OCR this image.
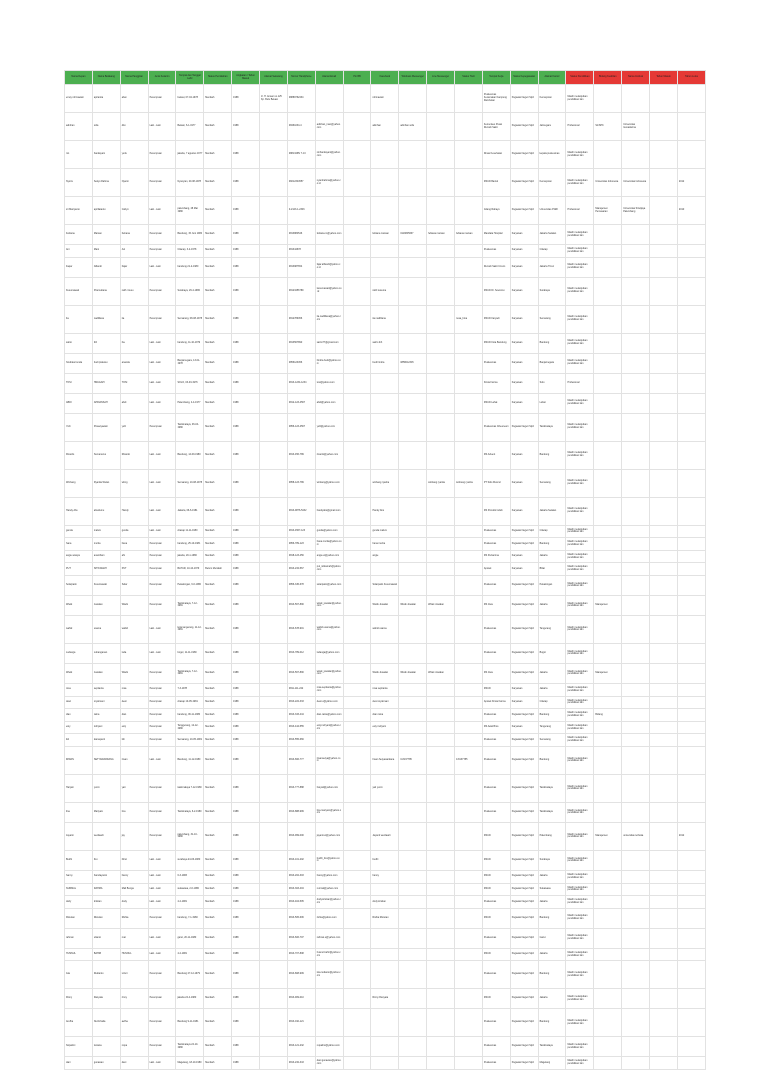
Nama Depan	Nama Belakang	Nama Panggilan	Jenis Kelamin	Tempat dan Tanggal Lahir	Status Pernikahan	Angkatan / Tahun Masuk	Alamat Sekarang	Nomor Handphone	Alamat Email	Pin BB	Facebook	Windows Messenger	Line Messenger	Status Twitt	Tempat Kerja	Status Kepegawaian	Alamat Kantor	Status Pendidikan	Bidang Keahlian	Nama Institusi	Tahun Masuk	Tahun Lulus
emoy rohmawati	aprianita	abat	Perempuan	bekasi, 07-04-1978	Menikah	1988	Jl. H. Anwar no.125 Kp. Bulu Bekasi	08889762434			rohmawati				Puskesmas Kecamatan Kampung Rambutan	Pegawai Negeri Sipil	Kemayoran	Masih melanjutkan pendidikan lain				
adinhan	sofa	dito	Laki - Laki	Bekasi, 6-1-1977	Menikah	1988		08461034-4	adinhan_inan@yahoo.com		adinhan	adinhan sofa			Kemenkes Pusat Rumah Sakit	Pegawai Negeri Sipil	Jatinegara	Profesional	S1/SPK	Universitas Gunadarma		
nin	handayani	yunk	Perempuan	jakarta, 7 agustus 1977	Menikah	1988		08813465/ 7-13	ninhandayani@yahoo.com						Dinas Kesehatan	Pegawai Negeri Sipil	kepala puskesmas	Masih melanjutkan pendidikan lain				
Nyoris	Setiyo Rahma	Nyanti	Perempuan	Nyanyian, 20-08-1978	Menikah	1988		08212344557	nyantirahma@yahoo.co.id						RSUD Bantul	Pegawai Negeri Sipil	Kemayoran	Masih melanjutkan pendidikan lain	Universitas Indonesia	Universitas Indonesia		2012
sri Mariyanto	apriliatanto	Cahyo	Laki - Laki	palembang, 28 Mar 1980	Menikah	1988		0-2123-1-2346							Gilang Rahayu	Pegawai Negeri Sipil	Universitas PGRI	Profesional	Manajemen Pemasaran	Universitas Sriwijaya Palembang		2010
Febiana	Marsan	Febana	Perempuan	Bandung, 15 Juni 1980	Menikah	1988		0813884546	febiana.m@yahoo.com		febiana marsan	0119845667	febiana marsan	febiana marsan	Mandala Hospital	Karyawan	Jakarta Selatan	Masih melanjutkan pendidikan lain				
Ani	Mani	Ani	Perempuan	Cilacap, 3-2-1978	Menikah	1988		081344678							Puskesmas	Karyawan	Cilacap	Masih melanjutkan pendidikan lain				
Faqar	Alfiandi	Fajar	Laki - Laki	bandung 21-2-1980	Menikah	1988		0813987654	fajar.alfiandi@yahoo.co.id						Rumah Sakit Umum	Karyawan	Jakarta Timur	Masih melanjutkan pendidikan lain				
Kusumawati	Pramudiana	ratih / kusu	Perempuan	Surabaya, 26-4-1980	Menikah	1988		08123456789	kusumawati@yahoo.co.id		ratih kusuma				RSUD Dr. Soetomo	Karyawan	Surabaya	Masih melanjutkan pendidikan lain				
Ita	nadilliana	ita	Perempuan	Semarang, 08-08-1978	Menikah	1988		0812789456	ita.nadilliana@yahoo.com		ita nadilliana			nusa_bina	RSUD Karyadi	Karyawan	Semarang	Masih melanjutkan pendidikan lain				
satrio	ibh	ibe	Laki - Laki	bandung, 11-10-1979	Menikah	1988		0813567890	satrio77@gmail.com		satrio ibh				RSUD Kota Bandung	Karyawan	Bandung	Masih melanjutkan pendidikan lain				
hindraturnunda	budi prakoso	ananda	Laki - Laki	Banjarnegara, 13-01-1978	Menikah	1988		0856123456	hindra.budi@yahoo.com		budi hindra	0858012345			Puskesmas	Karyawan	Banjarnegara	Masih melanjutkan pendidikan lain				
TOSI	HRAGAPI	TOSI	Laki - Laki	SOLO, 03-03-1976	Menikah	1988		0813-1234-1234	tosi@yahoo.com						Kimia Farma	Karyawan	Solo	Profesional				
ABDI	APRIANSAH	abdi	Laki - Laki	Palembang, 4-4-1977	Menikah	1988		0812-123-4567	abdi@yahoo.com						RSUD Lahat	Karyawan	Lahat	Masih melanjutkan pendidikan lain				
Yulli	Prasetyawati	yulli	Perempuan	Tasikmalaya, 06-04-1980	Menikah	1988		0856-123-4567	yulli@yahoo.com						Puskesmas Cibeureum	Pegawai Negeri Sipil	Tasikmalaya	Masih melanjutkan pendidikan lain				
Ricardo	Sumanurus	Ricardo	Laki - Laki	Bandung, 14-09-1980	Menikah	1988		0813-456-789	ricardo@yahoo.com						RS Advent	Karyawan	Bandung	Masih melanjutkan pendidikan lain				
Winbang	Ryanlia Wulan	wbng	Laki - Laki	Semarang, 10-08-1978	Menikah	1988		0858-123-789	winbang@yahoo.com		winbang ryanlia		winbang ryanlia	winbang ryanlia	PT Sido Muncul	Karyawan	Semarang	Masih melanjutkan pendidikan lain				
Handy Abs	absolumu	Handy	Laki - Laki	Jakarta, 06-6-1981	Menikah	1988		0813-9876-5432	handyabs@gmail.com		Handy Abs				RS Pondok Indah	Karyawan	Jakarta Selatan	Masih melanjutkan pendidikan lain				
gunda	malum	gunda	Laki - Laki	cilacap 11-11-1980	Menikah	1988		0813-4567-123	gunda@yahoo.com		gunda malum				Puskesmas	Pegawai Negeri Sipil	Cilacap	Masih melanjutkan pendidikan lain				
hana	murtia	hana	Perempuan	bandung, 25-10-1981	Menikah	1988		0856-789-123	hana.murtia@yahoo.com		hana murtia				Puskesmas	Pegawai Negeri Sipil	Bandung	Masih melanjutkan pendidikan lain				
angie wasiya	anantham	ahi	Perempuan	jakarta, 20-1-1980	Menikah	1988		0818-123-456	angie.w@yahoo.com		angie				RS Pertamina	Karyawan	Jakarta	Masih melanjutkan pendidikan lain				
PUT	ISTIKAMAH	PUT	Perempuan	BLITAR, 10-10-1979	Belum Menikah	1988		0813-234-567	put_istikamah@yahoo.com						Apotek	Karyawan	Blitar	Masih melanjutkan pendidikan lain				
Solarpatin	Kusumawati	Solar	Perempuan	Pekalongan, 6-6-1980	Menikah	1988		0856-345-678	solarpatin@yahoo.com		Solarpatin Kusumawati				Puskesmas	Pegawai Negeri Sipil	Pekalongan	Masih melanjutkan pendidikan lain				
Wiwik	Juwalan	Wiwik	Perempuan	Tasikmalaya, 7-12-1981	Menikah	1988		0813-567-890	wiwik_juwalan@yahoo.com		Wiwik Juwalan	Wiwik Juwalan	Wiwik Juwalan		RS Jiwa	Pegawai Negeri Sipil	Jakarta	Masih melanjutkan pendidikan lain	Manajemen			
wahid	usama	wahid	Laki - Laki	kota tangerang, 11-12-1981	Menikah	1988		0813-678-901	wahid.usama@yahoo.com		wahid usama				Puskesmas	Pegawai Negeri Sipil	Tangerang	Masih melanjutkan pendidikan lain				
Ludanga	Lubanganan	luda	Laki - Laki	bogor, 11-11-1980	Menikah	1988		0813-789-012	ludanga@yahoo.com						Puskesmas	Pegawai Negeri Sipil	Bogor	Masih melanjutkan pendidikan lain				
Wiwik	Juwalan	Wiwik	Perempuan	Tasikmalaya, 7-12-1981	Menikah	1988		0813-567-890	wiwik_juwalan@yahoo.com		Wiwik Juwalan	Wiwik Juwalan	Wiwik Juwalan		RS Jiwa	Pegawai Negeri Sipil	Jakarta	Masih melanjutkan pendidikan lain	Manajemen			
rosa	septianta	rosa	Perempuan	7-3-1978	Menikah	1988		0811-111-222	rosa.septianta@yahoo.com		rosa septianta				RSUD	Karyawan	Jakarta	Masih melanjutkan pendidikan lain				
dewi	oryatmani	dewi	Perempuan	cilacap 10-05-1981	Menikah	1988		0813-222-333	dewi.o@yahoo.com		dewi oryatmani				Apotek Kimia Farma	Karyawan	Cilacap	Masih melanjutkan pendidikan lain				
dian	ratna	dian	Perempuan	bandung, 06-11-1980	Menikah	1988		0813-333-444	dian.ratna@yahoo.com		dian ratna				Puskesmas	Pegawai Negeri Sipil	Bandung	Masih melanjutkan pendidikan lain	Bidang			
esty	indryani	esty	Perempuan	Tanggerang, 12-12-1980	Menikah	1988		0813-444-555	esty.indryani@yahoo.com		esty indryani				RS Awal Bros	Karyawan	Tangerang	Masih melanjutkan pendidikan lain				
lidi	damayanti	lidi	Perempuan	Semarang, 10-05-1981	Menikah	1988		0813-555-666							Puskesmas	Pegawai Negeri Sipil	Semarang	Masih melanjutkan pendidikan lain				
IRWAN	SETYAWARDANA	irwan	Laki - Laki	Bandung, 11-12-1980	Menikah	1988		0813-666-777	irwansetya@yahoo.com		Irwan Setyawardana	0-8137785		0-8137785	Puskesmas	Pegawai Negeri Sipil	Bandung	Masih melanjutkan pendidikan lain				
Haryati	yunin	yati	Perempuan	tasikmalaya 7-12-1980	Menikah	1988		0813-777-888	haryati@yahoo.com		yati yunin				Puskesmas	Pegawai Negeri Sipil	Tasikmalaya	Masih melanjutkan pendidikan lain				
lina	Mariyam	lina	Perempuan	Tasikmalaya, 6-2-1980	Menikah	1988		0813-888-999	lina.mariyam@yahoo.com						Puskesmas	Pegawai Negeri Sipil	Tasikmalaya	Masih melanjutkan pendidikan lain				
Jayanti	werdaarti	jay	Perempuan	palembang, 31-10-1980	Menikah	1988		0813-999-000	jayanti.w@yahoo.com		Jayanti werdaarti				RSUD	Pegawai Negeri Sipil	Palembang	Masih melanjutkan pendidikan lain	Manajemen	universitas terbuka		2012
Budhi	Ilco	ibhut	Laki - Laki	surabaya 24-06-1980	Menikah	1988		0813-101-202	budhi_ilco@yahoo.com		budhi				RSUD	Pegawai Negeri Sipil	Surabaya	Masih melanjutkan pendidikan lain				
hanny	hamdayanto	hanny	Laki - Laki	6-3-1983	Menikah	1988		0813-202-303	hanny@yahoo.com		hanny				RSUD	Pegawai Negeri Sipil	Jakarta	Masih melanjutkan pendidikan lain				
NURMAL	RAHMA	Mali Bunga	Laki - Laki	sukawasa, 2-6-1980	Menikah	1988		0813-303-404	nurmal@yahoo.com						RSUD	Pegawai Negeri Sipil	Sukawasa	Masih melanjutkan pendidikan lain				
dody	kristian	dody	Laki - Laki	4-2-1981	Menikah	1988		0813-404-505	dody.kristian@yahoo.com		dody kristian				Puskesmas	Pegawai Negeri Sipil	Jakarta	Masih melanjutkan pendidikan lain				
Ristutan	Ristutan	Rishia	Perempuan	bandung, 7-1-1980	Menikah	1988		0813-505-606	rishia@yahoo.com		Rishia Ristutan				RSUD	Pegawai Negeri Sipil	Bandung	Masih melanjutkan pendidikan lain				
rahmat	ulianto	mat	Laki - Laki	garut, 20-11-1980	Menikah	1988		0813-606-707	rahmat.u@yahoo.com						Puskesmas	Pegawai Negeri Sipil	Garut	Masih melanjutkan pendidikan lain				
HUSNUL	BAHRI	HUSNUL	Laki - Laki	4-2-1981	Menikah	1988		0813-707-808	husnul.bahri@yahoo.com						RSUD	Pegawai Negeri Sipil	Jakarta	Masih melanjutkan pendidikan lain				
Ista	Rudianto	Lizuri	Perempuan	Bandung 27-12-1979	Menikah	1988		0813-808-909	ista.rudianto@yahoo.com						Puskesmas	Pegawai Negeri Sipil	Bandung	Masih melanjutkan pendidikan lain				
Rinny	Ranyata	rinny	Perempuan	jakarta 24-4-1980	Menikah	1988		0813-909-010			Rinny Ranyata				RSUD	Pegawai Negeri Sipil	Jakarta	Masih melanjutkan pendidikan lain				
Arefha	Nurrichalia	aefha	Perempuan	Bandung 9-11-1981	Menikah	1988		0813-010-121							Puskesmas	Pegawai Negeri Sipil	Bandung	Masih melanjutkan pendidikan lain				
Nopalimi	tsniana	nopa	Perempuan	Tasikmalaya 24-10-1980	Menikah	1988		0813-121-232	nopalimi@yahoo.com						Puskesmas	Pegawai Negeri Sipil	Tasikmalaya	Masih melanjutkan pendidikan lain				
dani	gunawan	dani	Laki - Laki	Magelang, 18-10-1980	Menikah	1988		0813-232-343	dani.gunawan@yahoo.com						Puskesmas	Pegawai Negeri Sipil	Magelang	Masih melanjutkan pendidikan lain				
